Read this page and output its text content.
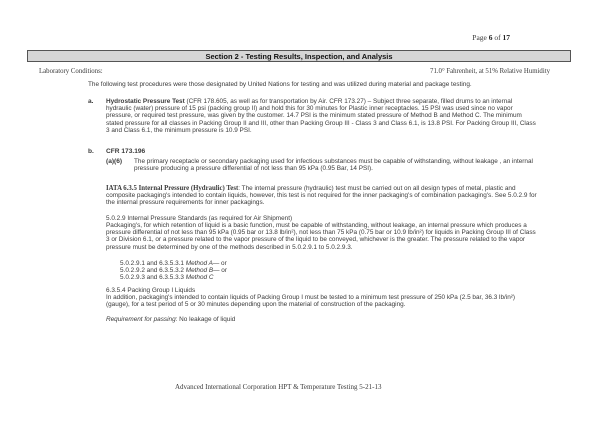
Page 6 of 17
Section 2 - Testing Results, Inspection, and Analysis
Laboratory Conditions:	71.0° Fahrenheit, at 51% Relative Humidity

The following test procedures were those designated by United Nations for testing and was utilized during material and package testing.

a. Hydrostatic Pressure Test (CFR 178.605, as well as for transportation by Air. CFR 173.27) – Subject three separate, filled drums to an internal hydraulic (water) pressure of 15 psi (packing group II) and hold this for 30 minutes for Plastic inner receptacles. 15 PSI was used since no vapor pressure, or required test pressure, was given by the customer. 14.7 PSI is the minimum stated pressure of Method B and Method C. The minimum stated pressure for all classes in Packing Group II and III, other than Packing Group III - Class 3 and Class 6.1, is 13.8 PSI. For Packing Group III, Class 3 and Class 6.1, the minimum pressure is 10.9 PSI.

b. CFR 173.196
(a)(6) The primary receptacle or secondary packaging used for infectious substances must be capable of withstanding, without leakage , an internal pressure producing a pressure differential of not less than 95 kPa (0.95 Bar, 14 PSI).

IATA 6.3.5 Internal Pressure (Hydraulic) Test: The internal pressure (hydraulic) test must be carried out on all design types of metal, plastic and composite packaging's intended to contain liquids, however, this test is not required for the inner packaging's of combination packaging's. See 5.0.2.9 for the internal pressure requirements for inner packagings.

5.0.2.9 Internal Pressure Standards (as required for Air Shipment)

Packaging's, for which retention of liquid is a basic function, must be capable of withstanding, without leakage, an internal pressure which produces a pressure differential of not less than 95 kPa (0.95 bar or 13.8 lb/in²), not less than 75 kPa (0.75 bar or 10.9 lb/in²) for liquids in Packing Group III of Class 3 or Division 6.1, or a pressure related to the vapor pressure of the liquid to be conveyed, whichever is the greater. The pressure related to the vapor pressure must be determined by one of the methods described in 5.0.2.9.1 to 5.0.2.9.3.

5.0.2.9.1 and 6.3.5.3.1 Method A— or
5.0.2.9.2 and 6.3.5.3.2 Method B— or
5.0.2.9.3 and 6.3.5.3.3 Method C

6.3.5.4 Packing Group I Liquids

In addition, packaging's intended to contain liquids of Packing Group I must be tested to a minimum test pressure of 250 kPa (2.5 bar, 36.3 lb/in²) (gauge), for a test period of 5 or 30 minutes depending upon the material of construction of the packaging.

Requirement for passing: No leakage of liquid

Advanced International Corporation HPT & Temperature Testing 5-21-13
